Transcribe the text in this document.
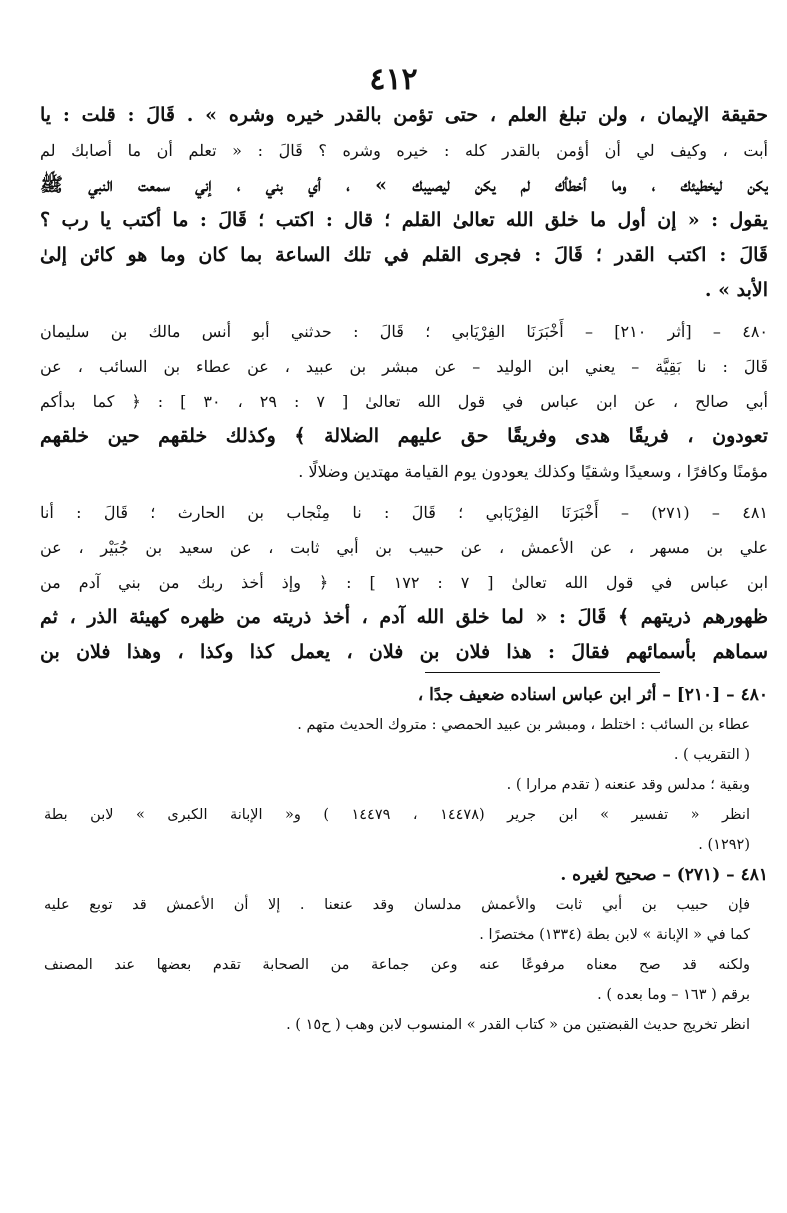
٤١٢
حقيقة الإيمان ، ولن تبلغ العلم ، حتى تؤمن بالقدر خيره وشره » . قَالَ : قلت : يا
أبت ، وكيف لي أن أؤمن بالقدر كله : خيره وشره ؟ قَالَ : « تعلم أن ما أصابك لم
يكن ليخطيئك ، وما أخطأك لم يكن ليصيبك » ، أي بني ، إني سمعت النبي ﷺ
يقول : « إن أول ما خلق الله تعالىٰ القلم ؛ قال : اكتب ؛ قَالَ : ما أكتب يا رب ؟
قَالَ : اكتب القدر ؛ قَالَ : فجرى القلم في تلك الساعة بما كان وما هو كائن إلىٰ
الأبد » .
٤٨٠ – [أثر ٢١٠] – أَخْبَرَنَا الفِرْيَابي ؛ قَالَ : حدثني أبو أنس مالك بن سليمان
قَالَ : نا بَقِيَّة – يعني ابن الوليد – عن مبشر بن عبيد ، عن عطاء بن السائب ، عن
أبي صالح ، عن ابن عباس في قول الله تعالىٰ [ ٧ : ٢٩ ، ٣٠ ] : ﴿ كما بدأكم
تعودون ، فريقًا هدى وفريقًا حق عليهم الضلالة ﴾ وكذلك خلقهم حين خلقهم
مؤمنًا وكافرًا ، وسعيدًا وشقيًا وكذلك يعودون يوم القيامة مهتدين وضلالًا .
٤٨١ – (٢٧١) – أَخْبَرَنَا الفِرْيَابي ؛ قَالَ : نا مِنْجاب بن الحارث ؛ قَالَ : أنا
علي بن مسهر ، عن الأعمش ، عن حبيب بن أبي ثابت ، عن سعيد بن جُبَيْر ، عن
ابن عباس في قول الله تعالىٰ [ ٧ : ١٧٢ ] : ﴿ وإذ أخذ ربك من بني آدم من
ظهورهم ذريتهم ﴾ قَالَ : « لما خلق الله آدم ، أخذ ذريته من ظهره كهيئة الذر ، ثم
سماهم بأسمائهم فقالَ : هذا فلان بن فلان ، يعمل كذا وكذا ، وهذا فلان بن
٤٨٠ – [٢١٠] – أثر ابن عباس اسناده ضعيف جدًا ،
عطاء بن السائب : اختلط ، ومبشر بن عبيد الحمصي : متروك الحديث متهم .
( التقريب ) .
وبقية ؛ مدلس وقد عنعنه ( تقدم مرارا ) .
انظر « تفسير » ابن جرير (١٤٤٧٨ ، ١٤٤٧٩ ) و« الإبانة الكبرى » لابن بطة
(١٢٩٢) .
٤٨١ – (٢٧١) – صحيح لغيره .
فإن حبيب بن أبي ثابت والأعمش مدلسان وقد عنعنا . إلا أن الأعمش قد توبع عليه
كما في « الإبانة » لابن بطة (١٣٣٤) مختصرًا .
ولكنه قد صح معناه مرفوعًا عنه وعن جماعة من الصحابة تقدم بعضها عند المصنف
برقم ( ١٦٣ – وما بعده ) .
انظر تخريج حديث القبضتين من « كتاب القدر » المنسوب لابن وهب ( ح١٥ ) .
